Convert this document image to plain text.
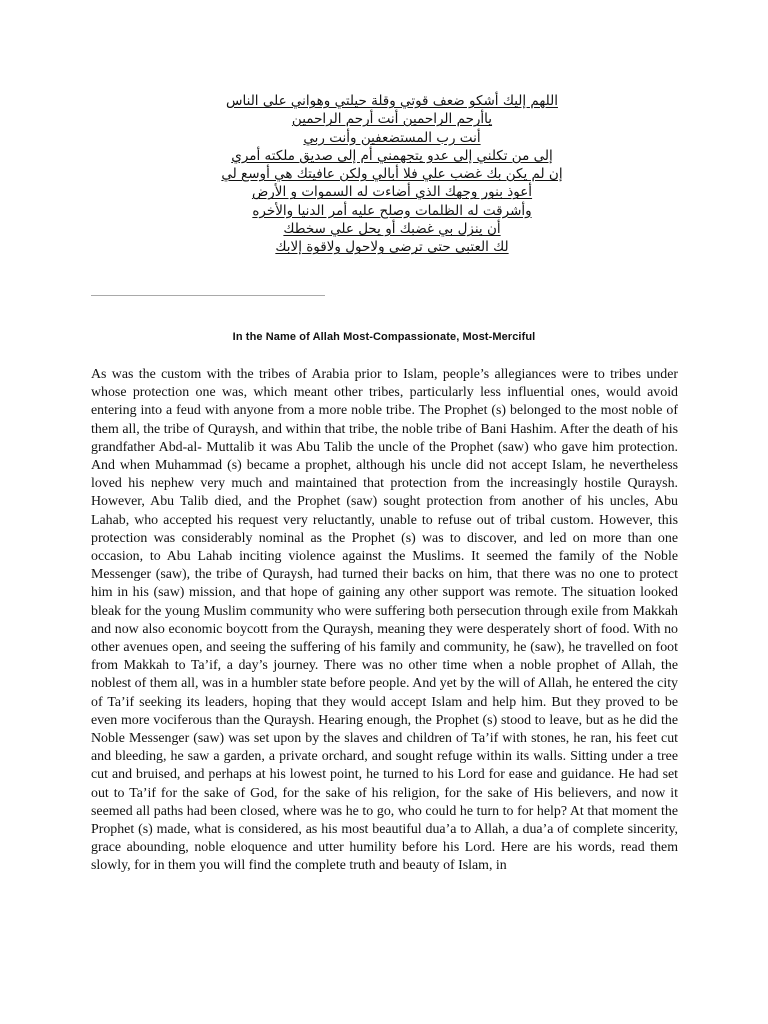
اللهم إليك أشكو ضعف قوتي وقلة حيلتي وهواني على الناس
ياأرحم الراحمين أنت أرحم الراحمين
أنت رب المستضعفين وأنت ربي
إلى من تكلني إلى عدو يتجهمني أم إلى صديق ملكته أمري
إن لم يكن بك غضب علي فلا أبالي ولكن عافيتك هي أوسع لي
أعوذ بنور وجهك الذي أضاءت له السموات و الأرض
وأشرقت له الظلمات وصلح عليه أمر الدنيا والأخره
أن ينزل بي غضبك أو يحل علي سخطك
لك العتبى حتى ترضى ولاحول ولاقوة إلابك
In the Name of Allah Most-Compassionate, Most-Merciful

As was the custom with the tribes of Arabia prior to Islam, people’s allegiances were to tribes under whose protection one was, which meant other tribes, particularly less influential ones, would avoid entering into a feud with anyone from a more noble tribe. The Prophet (s) belonged to the most noble of them all, the tribe of Quraysh, and within that tribe, the noble tribe of Bani Hashim. After the death of his grandfather Abd-al- Muttalib it was Abu Talib the uncle of the Prophet (saw) who gave him protection. And when Muhammad (s) became a prophet, although his uncle did not accept Islam, he nevertheless loved his nephew very much and maintained that protection from the increasingly hostile Quraysh. However, Abu Talib died, and the Prophet (saw) sought protection from another of his uncles, Abu Lahab, who accepted his request very reluctantly, unable to refuse out of tribal custom. However, this protection was considerably nominal as the Prophet (s) was to discover, and led on more than one occasion, to Abu Lahab inciting violence against the Muslims. It seemed the family of the Noble Messenger (saw), the tribe of Quraysh, had turned their backs on him, that there was no one to protect him in his (saw) mission, and that hope of gaining any other support was remote. The situation looked bleak for the young Muslim community who were suffering both persecution through exile from Makkah and now also economic boycott from the Quraysh, meaning they were desperately short of food. With no other avenues open, and seeing the suffering of his family and community, he (saw), he travelled on foot from Makkah to Ta’if, a day’s journey. There was no other time when a noble prophet of Allah, the noblest of them all, was in a humbler state before people. And yet by the will of Allah, he entered the city of Ta’if seeking its leaders, hoping that they would accept Islam and help him. But they proved to be even more vociferous than the Quraysh. Hearing enough, the Prophet (s) stood to leave, but as he did the Noble Messenger (saw) was set upon by the slaves and children of Ta’if with stones, he ran, his feet cut and bleeding, he saw a garden, a private orchard, and sought refuge within its walls. Sitting under a tree cut and bruised, and perhaps at his lowest point, he turned to his Lord for ease and guidance. He had set out to Ta’if for the sake of God, for the sake of his religion, for the sake of His believers, and now it seemed all paths had been closed, where was he to go, who could he turn to for help? At that moment the Prophet (s) made, what is considered, as his most beautiful dua’a to Allah, a dua’a of complete sincerity, grace abounding, noble eloquence and utter humility before his Lord. Here are his words, read them slowly, for in them you will find the complete truth and beauty of Islam, in
